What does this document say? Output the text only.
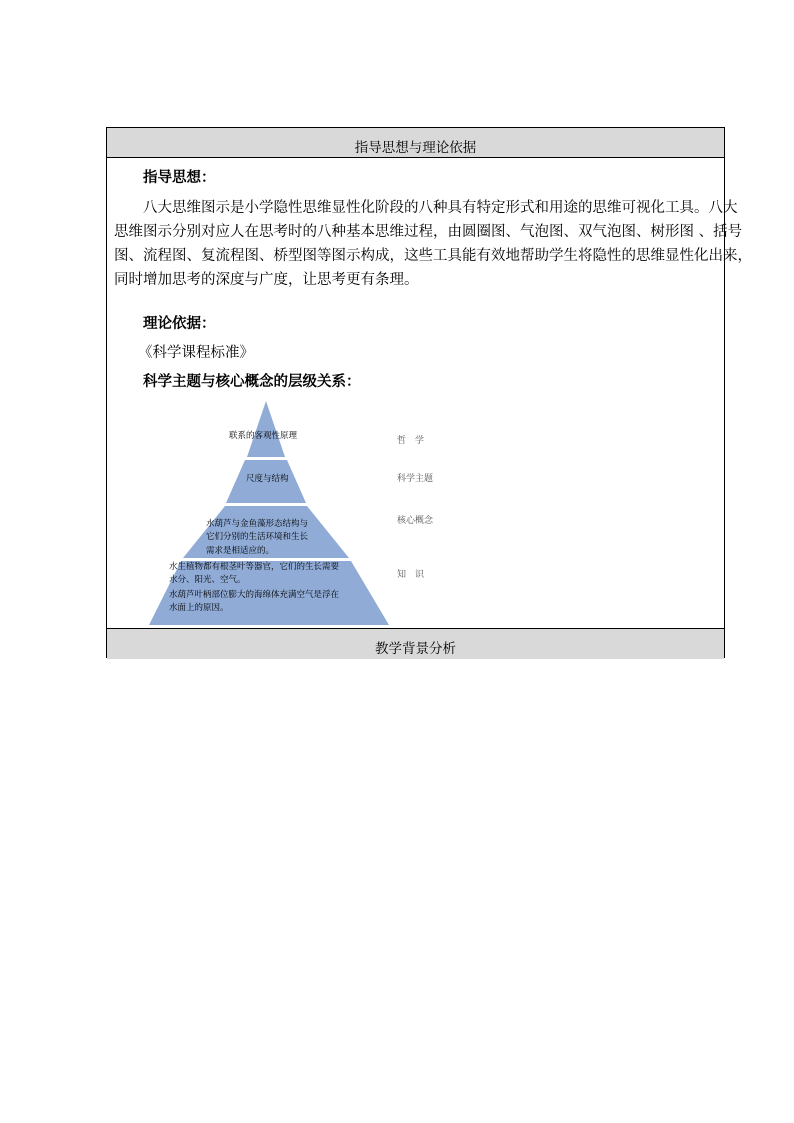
指导思想与理论依据
指导思想：
八大思维图示是小学隐性思维显性化阶段的八种具有特定形式和用途的思维可视化工具。八大
思维图示分别对应人在思考时的八种基本思维过程，由圆圈图、气泡图、双气泡图、树形图 、括号
图、流程图、复流程图、桥型图等图示构成，这些工具能有效地帮助学生将隐性的思维显性化出来，
同时增加思考的深度与广度，让思考更有条理。
理论依据：
《科学课程标准》
科学主题与核心概念的层级关系：
联系的客观性原理
尺度与结构
水葫芦与金鱼藻形态结构与
它们分别的生活环境和生长
需求是相适应的。
水生植物都有根茎叶等器官，它们的生长需要
水分、阳光、空气。
水葫芦叶柄部位膨大的海绵体充满空气是浮在
水面上的原因。
哲　学
科学主题
核心概念
知　识
教学背景分析
